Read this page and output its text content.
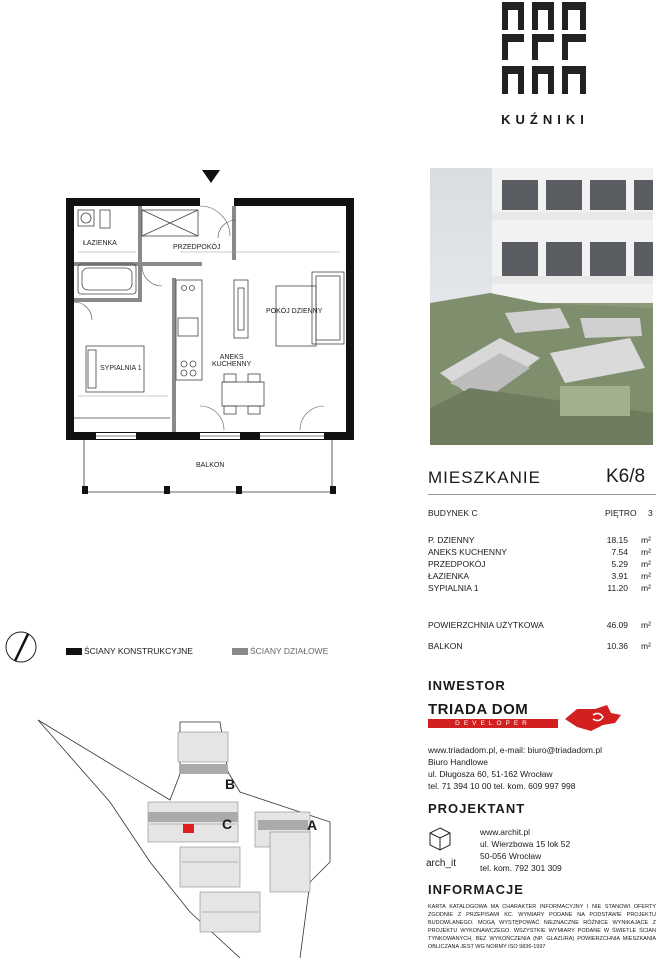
KUŹNIKI
ŁAZIENKA
PRZEDPOKÓJ
POKÓJ DZIENNY
ANEKS
KUCHENNY
SYPIALNIA 1
BALKON
MIESZKANIE	K6/8
BUDYNEK C	PIĘTRO 3
P. DZIENNY	18.15 m²
ANEKS KUCHENNY	7.54 m²
PRZEDPOKÓJ	5.29 m²
ŁAZIENKA	3.91 m²
SYPIALNIA 1	11.20 m²
POWIERZCHNIA UŻYTKOWA	46.09 m²
BALKON	10.36 m²
ŚCIANY KONSTRUKCYJNE	ŚCIANY DZIAŁOWE
B
C	A
INWESTOR
TRIADA DOM
DEVELOPER
www.triadadom.pl, e-mail: biuro@triadadom.pl
Biuro Handlowe
ul. Długosza 60, 51-162 Wrocław
tel. 71 394 10 00 tel. kom. 609 997 998
PROJEKTANT
arch_it
www.archit.pl
ul. Wierzbowa 15 lok 52
50-056 Wrocław
tel. kom. 792 301 309
INFORMACJE
KARTA KATALOGOWA MA CHARAKTER INFORMACYJNY I NIE STANOWI OFERTY ZGODNIE Z PRZEPISAMI KC. WYMIARY PODANE NA PODSTAWIE PROJEKTU BUDOWLANEGO. MOGĄ WYSTĘPOWAĆ NIEZNACZNE RÓŻNICE WYNIKAJĄCE Z PROJEKTU WYKONAWCZEGO. WSZYSTKIE WYMIARY PODANE W ŚWIETLE ŚCIAN TYNKOWANYCH, BEZ WYKOŃCZENIA (NP. GLAZURA) POWIERZCHNIA MIESZKANIA OBLICZANA JEST WG NORMY ISO 9836-1997
